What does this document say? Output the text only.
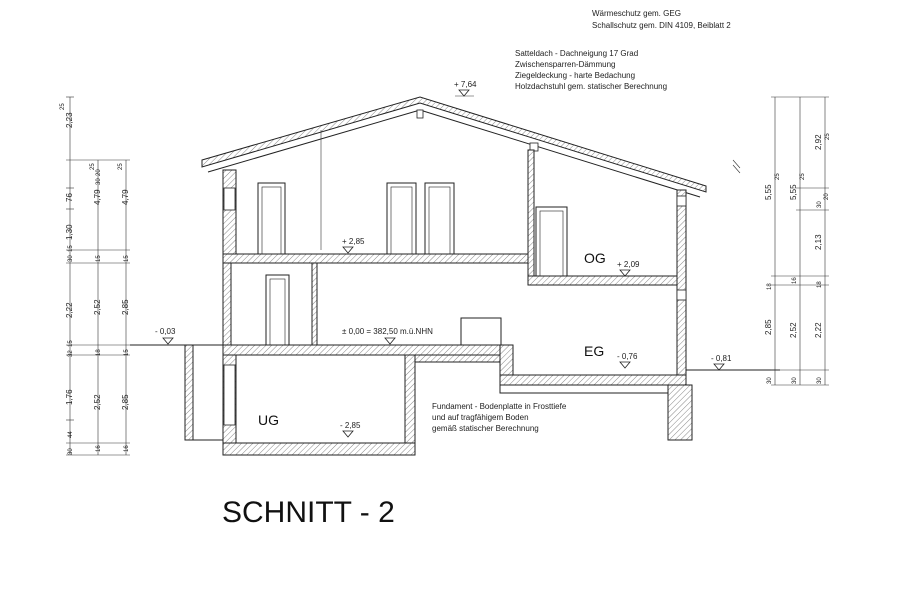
Wärmeschutz gem. GEG
Schallschutz gem. DIN 4109, Beiblatt 2
Satteldach - Dachneigung 17 Grad
Zwischensparren-Dämmung
Ziegeldeckung - harte Bedachung
Holzdachstuhl gem. statischer Berechnung
Fundament - Bodenplatte in Frosttiefe
und auf tragfähigem Boden
gemäß statischer Berechnung
+ 7,64
OG
EG
UG
+ 2,85
+ 2,09
- 0,03	± 0,00 = 382,50 m.ü.NHN
- 0,76	- 0,81
- 2,85
2,23
76
1,30
30
15
2,22
32
15
1,76
30
44
25
4,79
30
20
15
2,52
18
2,52
16
25
4,79
15
2,85
15
2,85
16
25
5,55
18
2,85
30
25
5,55
16
2,52
30
25
2,92
30
20
2,13
18
2,22
30
25
SCHNITT - 2
